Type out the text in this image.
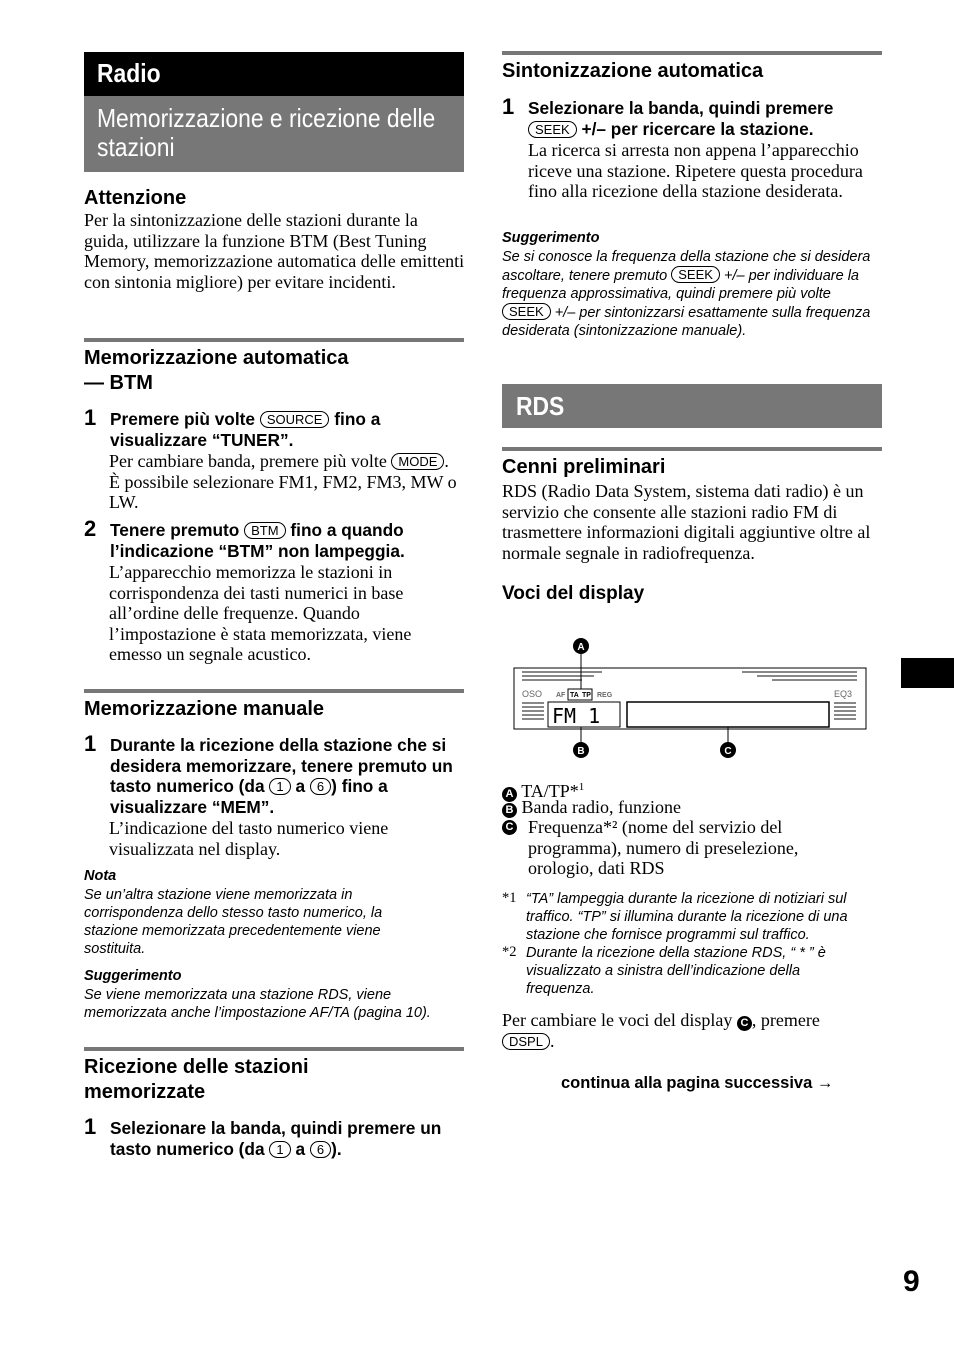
Radio
Memorizzazione e ricezione delle stazioni
Attenzione
Per la sintonizzazione delle stazioni durante la guida, utilizzare la funzione BTM (Best Tuning Memory, memorizzazione automatica delle emittenti con sintonia migliore) per evitare incidenti.
Memorizzazione automatica
— BTM
1 Premere più volte SOURCE fino a
visualizzare “TUNER”.
Per cambiare banda, premere più volte MODE . È possibile selezionare FM1, FM2, FM3, MW o LW.
2 Tenere premuto BTM fino a quando l’indicazione “BTM” non lampeggia.
L’apparecchio memorizza le stazioni in corrispondenza dei tasti numerici in base all’ordine delle frequenze. Quando l’impostazione è stata memorizzata, viene emesso un segnale acustico.
Memorizzazione manuale
1 Durante la ricezione della stazione che si desidera memorizzare, tenere premuto un tasto numerico (da 1 a 6 ) fino a visualizzare “MEM”.
L’indicazione del tasto numerico viene visualizzata nel display.
Nota
Se un’altra stazione viene memorizzata in corrispondenza dello stesso tasto numerico, la stazione memorizzata precedentemente viene sostituita.
Suggerimento
Se viene memorizzata una stazione RDS, viene memorizzata anche l’impostazione AF/TA (pagina 10).
Ricezione delle stazioni
memorizzate
1 Selezionare la banda, quindi premere un tasto numerico (da 1 a 6 ).
Sintonizzazione automatica
1 Selezionare la banda, quindi premere
SEEK +/– per ricercare la stazione.
La ricerca si arresta non appena l’apparecchio riceve una stazione. Ripetere questa procedura fino alla ricezione della stazione desiderata.
Suggerimento
Se si conosce la frequenza della stazione che si desidera ascoltare, tenere premuto SEEK +/– per individuare la frequenza approssimativa, quindi premere più volte SEEK +/– per sintonizzarsi esattamente sulla frequenza desiderata (sintonizzazione manuale).
RDS
Cenni preliminari
RDS (Radio Data System, sistema dati radio) è un servizio che consente alle stazioni radio FM di trasmettere informazioni digitali aggiuntive oltre al normale segnale in radiofrequenza.
Voci del display
OSO AF TA TP REG	EQ3
FM 1
A
B	C
A TA/TP*$^1$
B Banda radio, funzione
C Frequenza*² (nome del servizio del programma), numero di preselezione, orologio, dati RDS
*1 “TA” lampeggia durante la ricezione di notiziari sul traffico. “TP” si illumina durante la ricezione di una stazione che fornisce programmi sul traffico.
*2 Durante la ricezione della stazione RDS, “ * ” è visualizzato a sinistra dell’indicazione della frequenza.
Per cambiare le voci del display C , premere
DSPL .
continua alla pagina successiva →
9
